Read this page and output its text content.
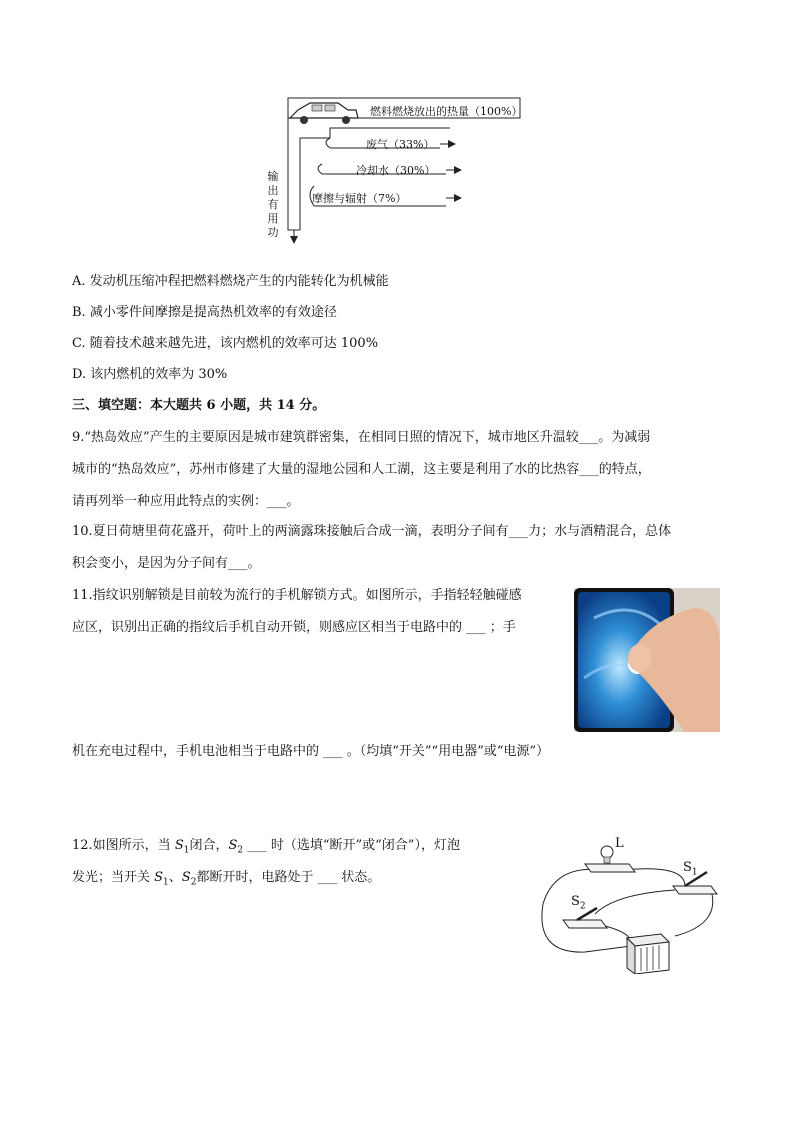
燃料燃烧放出的热量（100%）
废气（33%）
冷却水（30%）
摩擦与辐射（7%）
输
出
有
用
功
A. 发动机压缩冲程把燃料燃烧产生的内能转化为机械能
B. 减小零件间摩擦是提高热机效率的有效途径
C. 随着技术越来越先进，该内燃机的效率可达 100%
D. 该内燃机的效率为 30%
三、填空题：本大题共 6 小题，共 14 分。
9.“热岛效应”产生的主要原因是城市建筑群密集，在相同日照的情况下，城市地区升温较___。为减弱
城市的“热岛效应”，苏州市修建了大量的湿地公园和人工湖，这主要是利用了水的比热容___的特点，
请再列举一种应用此特点的实例：___。
10.夏日荷塘里荷花盛开，荷叶上的两滴露珠接触后合成一滴，表明分子间有___力；水与酒精混合，总体
积会变小，是因为分子间有___。
11.指纹识别解锁是目前较为流行的手机解锁方式。如图所示，手指轻轻触碰感
应区，识别出正确的指纹后手机自动开锁，则感应区相当于电路中的 ___ ；手
机在充电过程中，手机电池相当于电路中的 ___ 。（均填“开关”“用电器”或“电源”）
12.如图所示，当 $S_1$闭合，$S_2$ ___ 时（选填“断开”或“闭合”），灯泡
发光；当开关 $S_1$、$S_2$都断开时，电路处于 ___ 状态。
L
$S_1$
$S_2$
